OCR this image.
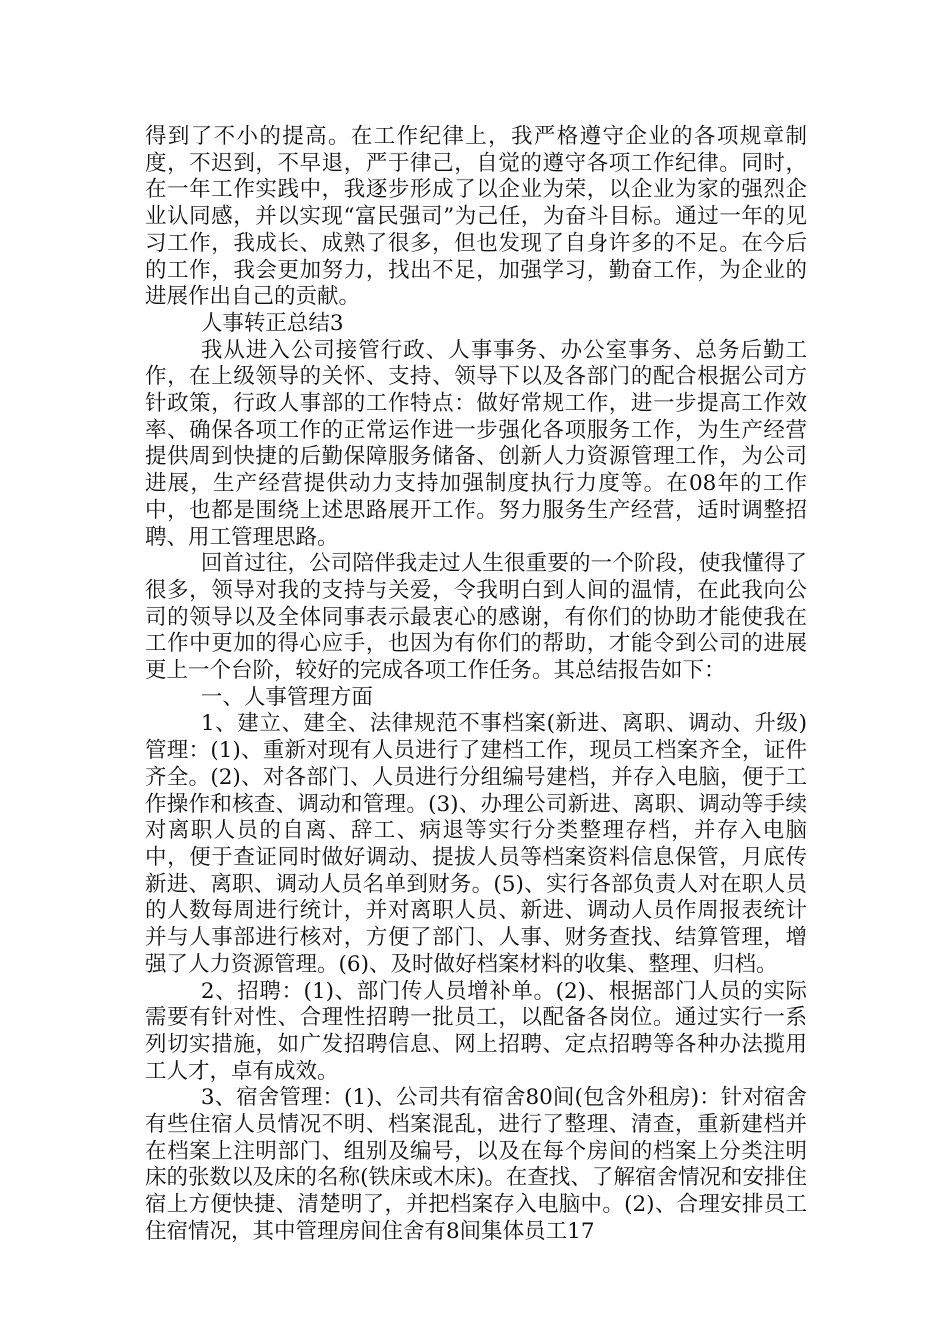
得到了不小的提高。在工作纪律上，我严格遵守企业的各项规章制度，不迟到，不早退，严于律己，自觉的遵守各项工作纪律。同时，在一年工作实践中，我逐步形成了以企业为荣，以企业为家的强烈企业认同感，并以实现“富民强司”为己任，为奋斗目标。通过一年的见习工作，我成长、成熟了很多，但也发现了自身许多的不足。在今后的工作，我会更加努力，找出不足，加强学习，勤奋工作，为企业的进展作出自己的贡献。

人事转正总结3

我从进入公司接管行政、人事事务、办公室事务、总务后勤工作，在上级领导的关怀、支持、领导下以及各部门的配合根据公司方针政策，行政人事部的工作特点：做好常规工作，进一步提高工作效率、确保各项工作的正常运作进一步强化各项服务工作，为生产经营提供周到快捷的后勤保障服务储备、创新人力资源管理工作，为公司进展，生产经营提供动力支持加强制度执行力度等。在08年的工作中，也都是围绕上述思路展开工作。努力服务生产经营，适时调整招聘、用工管理思路。

回首过往，公司陪伴我走过人生很重要的一个阶段，使我懂得了很多，领导对我的支持与关爱，令我明白到人间的温情，在此我向公司的领导以及全体同事表示最衷心的感谢，有你们的协助才能使我在工作中更加的得心应手，也因为有你们的帮助，才能令到公司的进展更上一个台阶，较好的完成各项工作任务。其总结报告如下：

一、人事管理方面

1、建立、建全、法律规范不事档案(新进、离职、调动、升级)管理：(1)、重新对现有人员进行了建档工作，现员工档案齐全，证件齐全。(2)、对各部门、人员进行分组编号建档，并存入电脑，便于工作操作和核查、调动和管理。(3)、办理公司新进、离职、调动等手续对离职人员的自离、辞工、病退等实行分类整理存档，并存入电脑中，便于查证同时做好调动、提拔人员等档案资料信息保管，月底传新进、离职、调动人员名单到财务。(5)、实行各部负责人对在职人员的人数每周进行统计，并对离职人员、新进、调动人员作周报表统计并与人事部进行核对，方便了部门、人事、财务查找、结算管理，增强了人力资源管理。(6)、及时做好档案材料的收集、整理、归档。

2、招聘：(1)、部门传人员增补单。(2)、根据部门人员的实际需要有针对性、合理性招聘一批员工，以配备各岗位。通过实行一系列切实措施，如广发招聘信息、网上招聘、定点招聘等各种办法揽用工人才，卓有成效。

3、宿舍管理：(1)、公司共有宿舍80间(包含外租房)：针对宿舍有些住宿人员情况不明、档案混乱，进行了整理、清查，重新建档并在档案上注明部门、组别及编号，以及在每个房间的档案上分类注明床的张数以及床的名称(铁床或木床)。在查找、了解宿舍情况和安排住宿上方便快捷、清楚明了，并把档案存入电脑中。(2)、合理安排员工住宿情况，其中管理房间住舍有8间集体员工17
